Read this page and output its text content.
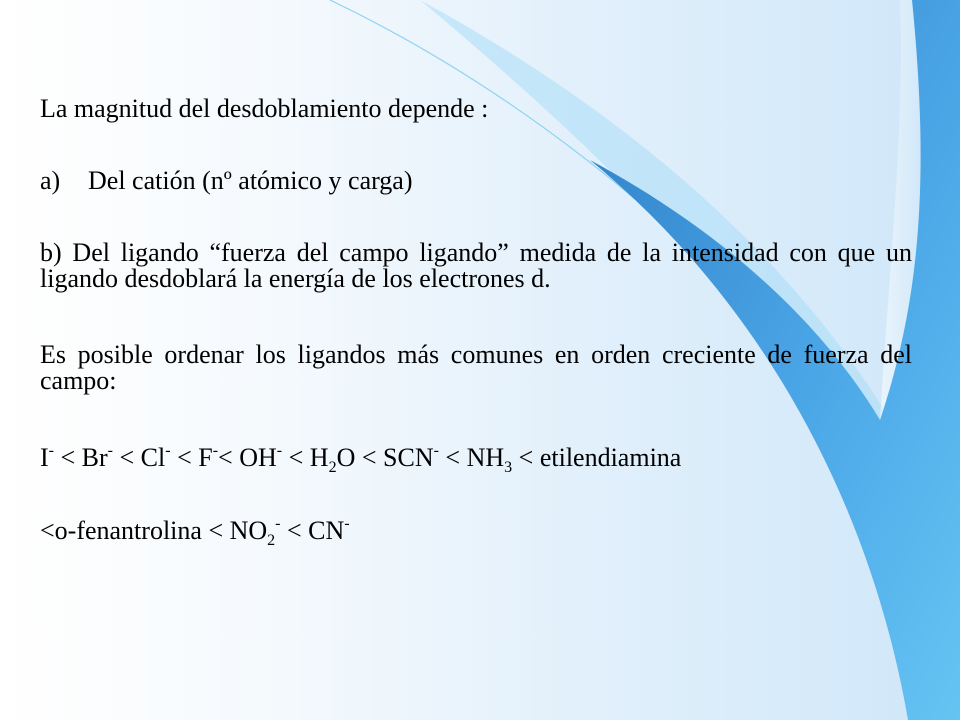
La magnitud del desdoblamiento depende :

a) Del catión (nº atómico y carga)

b) Del ligando “fuerza del campo ligando” medida de la intensidad con que un ligando desdoblará la energía de los electrones d.

Es posible ordenar los ligandos más comunes en orden creciente de fuerza del campo:

$I^- < Br^- < Cl^- < F^-< OH^- < H_2O < SCN^- < NH_3$ < etilendiamina

<o-fenantrolina < $NO_2^- < CN^-$
